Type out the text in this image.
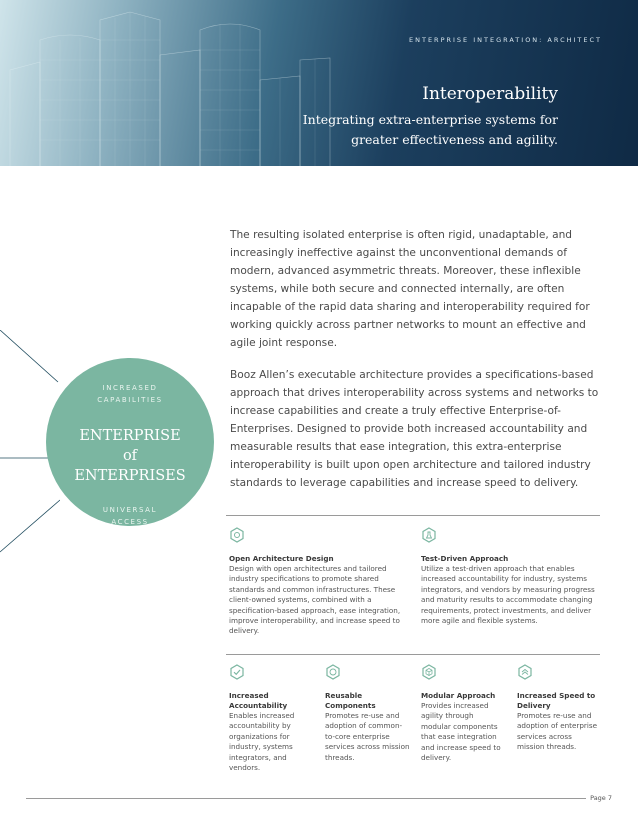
ENTERPRISE INTEGRATION: ARCHITECT
Interoperability
Integrating extra-enterprise systems for greater effectiveness and agility.

The resulting isolated enterprise is often rigid, unadaptable, and increasingly ineffective against the unconventional demands of modern, advanced asymmetric threats. Moreover, these inflexible systems, while both secure and connected internally, are often incapable of the rapid data sharing and interoperability required for working quickly across partner networks to mount an effective and agile joint response.

Booz Allen’s executable architecture provides a specifications-based approach that drives interoperability across systems and networks to increase capabilities and create a truly effective Enterprise-of-Enterprises. Designed to provide both increased accountability and measurable results that ease integration, this extra-enterprise interoperability is built upon open architecture and tailored industry standards to leverage capabilities and increase speed to delivery.

INCREASED CAPABILITIES
ENTERPRISE
of
ENTERPRISES
UNIVERSAL ACCESS
Open Architecture Design
Design with open architectures and tailored industry specifications to promote shared standards and common infrastructures. These client-owned systems, combined with a specification-based approach, ease integration, improve interoperability, and increase speed to delivery.
Test-Driven Approach
Utilize a test-driven approach that enables increased accountability for industry, systems integrators, and vendors by measuring progress and maturity results to accommodate changing requirements, protect investments, and deliver more agile and flexible systems.
Increased Accountability
Enables increased accountability by organizations for industry, systems integrators, and vendors.
Reusable Components
Promotes re-use and adoption of common-to-core enterprise services across mission threads.
Modular Approach
Provides increased agility through modular components that ease integration and increase speed to delivery.
Increased Speed to Delivery
Promotes re-use and adoption of enterprise services across mission threads.
Page 7
